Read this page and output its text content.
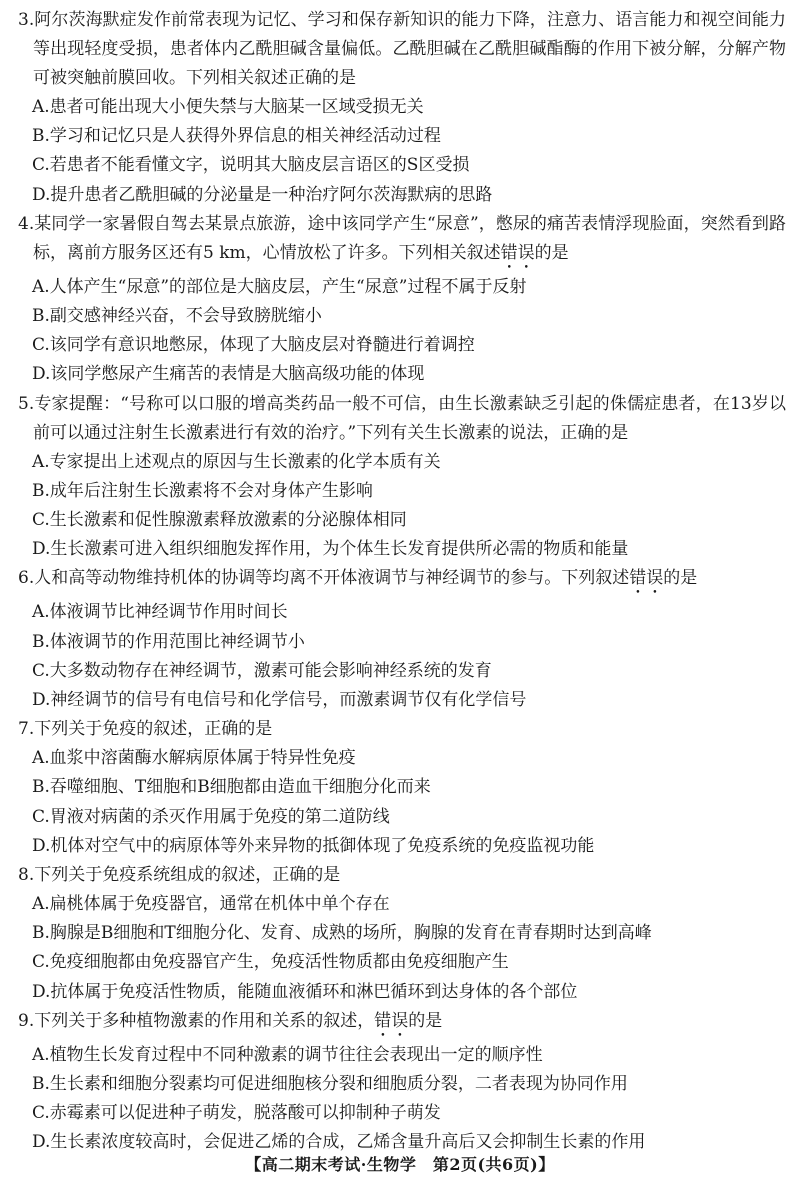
3.阿尔茨海默症发作前常表现为记忆、学习和保存新知识的能力下降，注意力、语言能力和视空间能力等出现轻度受损，患者体内乙酰胆碱含量偏低。乙酰胆碱在乙酰胆碱酯酶的作用下被分解，分解产物可被突触前膜回收。下列相关叙述正确的是

A.患者可能出现大小便失禁与大脑某一区域受损无关

B.学习和记忆只是人获得外界信息的相关神经活动过程

C.若患者不能看懂文字，说明其大脑皮层言语区的S区受损

D.提升患者乙酰胆碱的分泌量是一种治疗阿尔茨海默病的思路

4.某同学一家暑假自驾去某景点旅游，途中该同学产生“尿意”，憋尿的痛苦表情浮现脸面，突然看到路标，离前方服务区还有5 km，心情放松了许多。下列相关叙述错误的是

A.人体产生“尿意”的部位是大脑皮层，产生“尿意”过程不属于反射

B.副交感神经兴奋，不会导致膀胱缩小

C.该同学有意识地憋尿，体现了大脑皮层对脊髓进行着调控

D.该同学憋尿产生痛苦的表情是大脑高级功能的体现

5.专家提醒：“号称可以口服的增高类药品一般不可信，由生长激素缺乏引起的侏儒症患者，在13岁以前可以通过注射生长激素进行有效的治疗。”下列有关生长激素的说法，正确的是

A.专家提出上述观点的原因与生长激素的化学本质有关

B.成年后注射生长激素将不会对身体产生影响

C.生长激素和促性腺激素释放激素的分泌腺体相同

D.生长激素可进入组织细胞发挥作用，为个体生长发育提供所必需的物质和能量

6.人和高等动物维持机体的协调等均离不开体液调节与神经调节的参与。下列叙述错误的是

A.体液调节比神经调节作用时间长

B.体液调节的作用范围比神经调节小

C.大多数动物存在神经调节，激素可能会影响神经系统的发育

D.神经调节的信号有电信号和化学信号，而激素调节仅有化学信号

7.下列关于免疫的叙述，正确的是

A.血浆中溶菌酶水解病原体属于特异性免疫

B.吞噬细胞、T细胞和B细胞都由造血干细胞分化而来

C.胃液对病菌的杀灭作用属于免疫的第二道防线

D.机体对空气中的病原体等外来异物的抵御体现了免疫系统的免疫监视功能

8.下列关于免疫系统组成的叙述，正确的是

A.扁桃体属于免疫器官，通常在机体中单个存在

B.胸腺是B细胞和T细胞分化、发育、成熟的场所，胸腺的发育在青春期时达到高峰

C.免疫细胞都由免疫器官产生，免疫活性物质都由免疫细胞产生

D.抗体属于免疫活性物质，能随血液循环和淋巴循环到达身体的各个部位

9.下列关于多种植物激素的作用和关系的叙述，错误的是

A.植物生长发育过程中不同种激素的调节往往会表现出一定的顺序性

B.生长素和细胞分裂素均可促进细胞核分裂和细胞质分裂，二者表现为协同作用

C.赤霉素可以促进种子萌发，脱落酸可以抑制种子萌发

D.生长素浓度较高时，会促进乙烯的合成，乙烯含量升高后又会抑制生长素的作用

【高二期末考试·生物学　第2页(共6页)】
